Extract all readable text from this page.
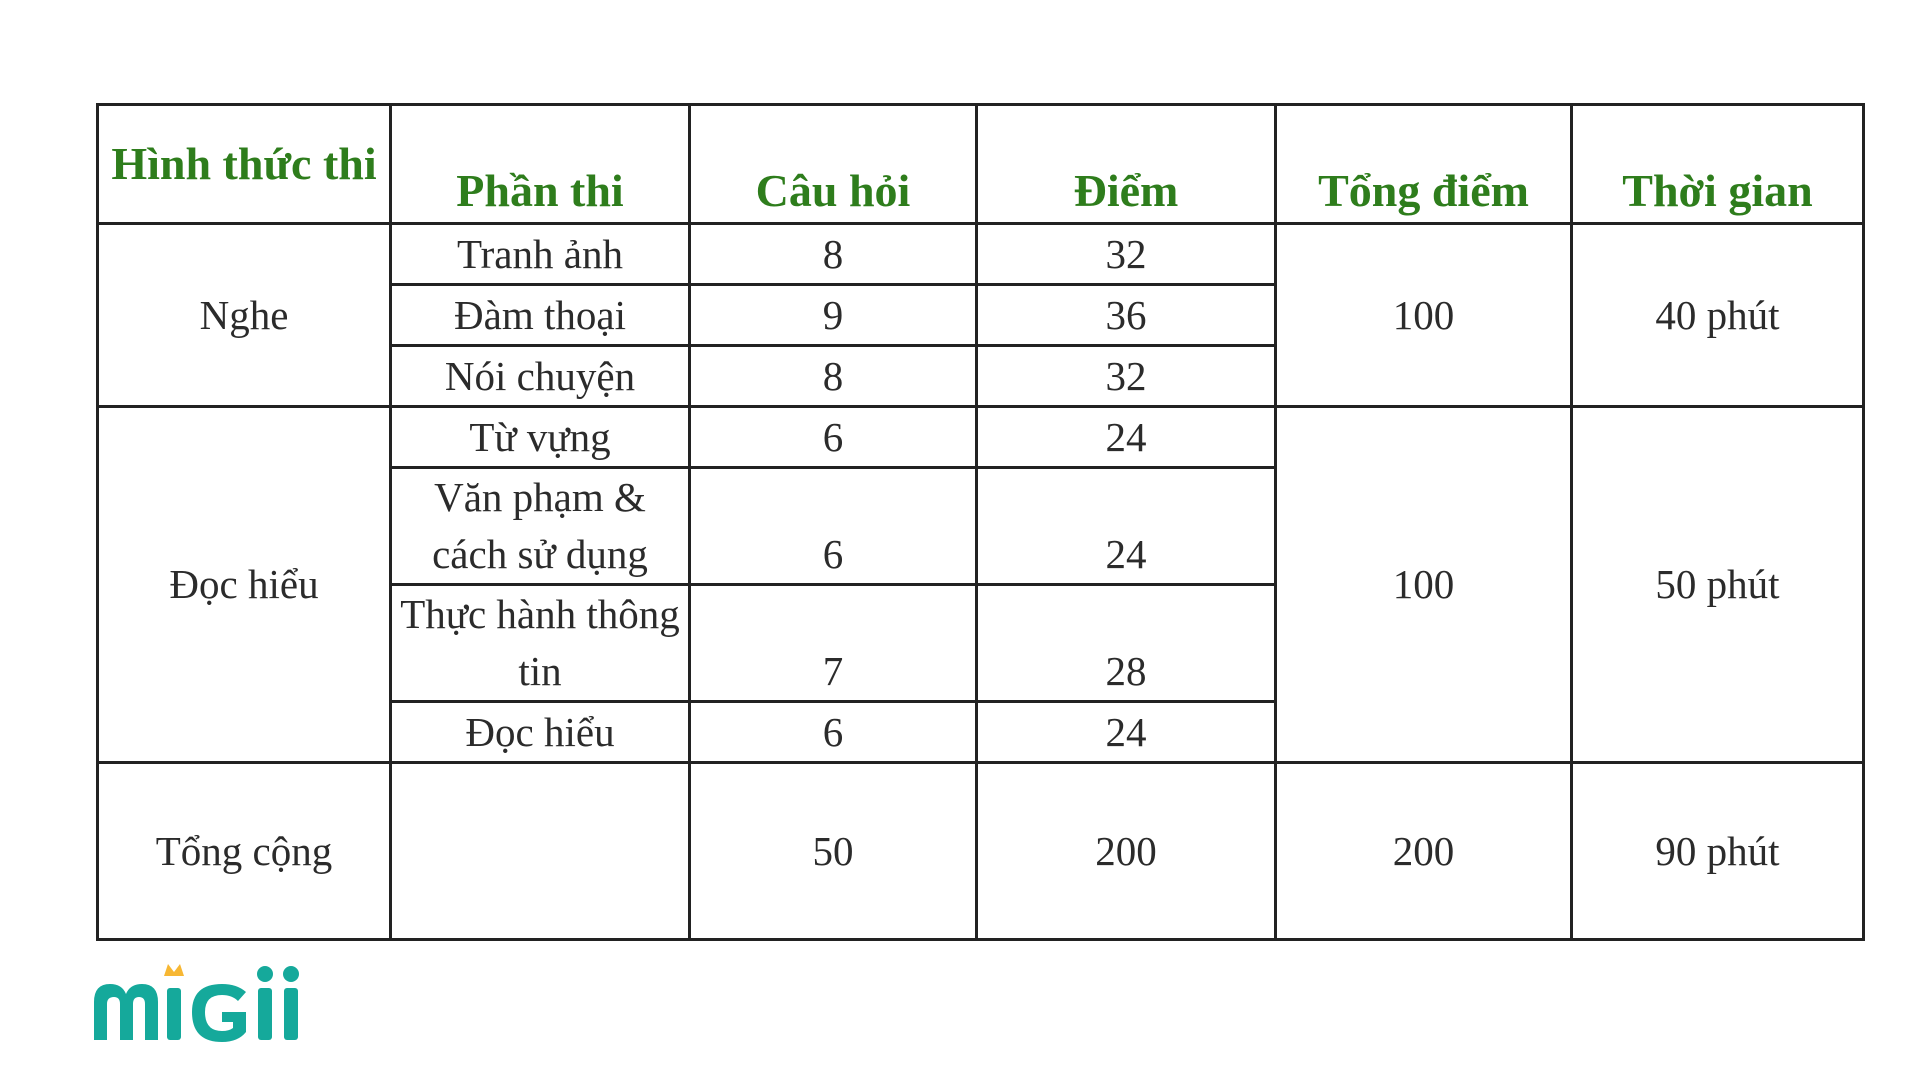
Hình thức thi	Phần thi	Câu hỏi	Điểm	Tổng điểm	Thời gian
Nghe	Tranh ảnh	8	32	100	40 phút
	Đàm thoại	9	36		
	Nói chuyện	8	32		
Đọc hiểu	Từ vựng	6	24	100	50 phút
	Văn phạm & cách sử dụng	6	24		
	Thực hành thông tin	7	28		
	Đọc hiểu	6	24		
Tổng cộng		50	200	200	90 phút
